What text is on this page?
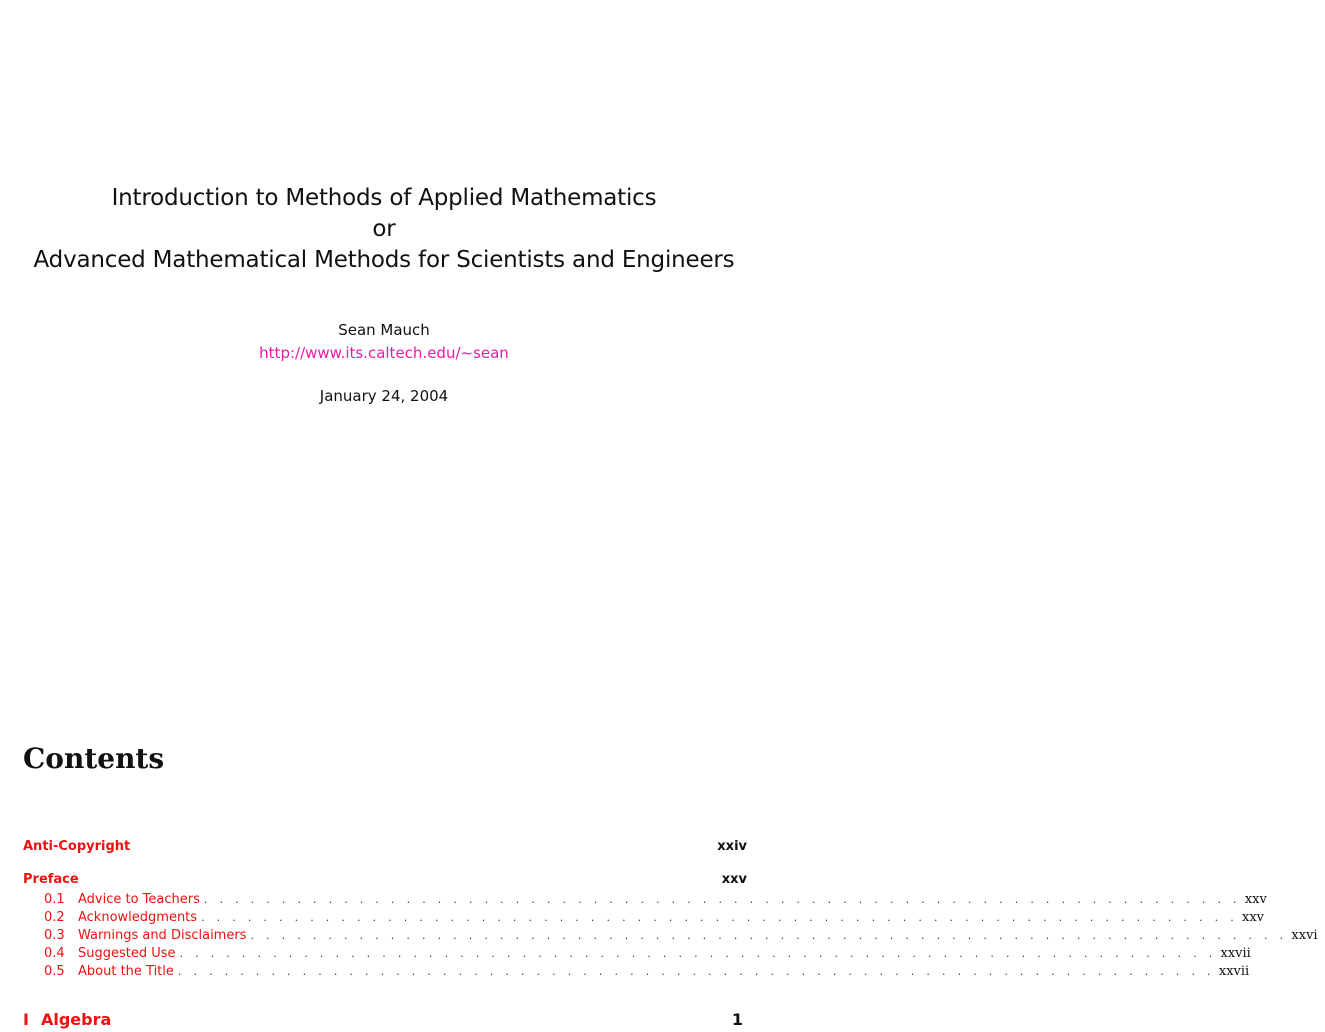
Introduction to Methods of Applied Mathematics
or
Advanced Mathematical Methods for Scientists and Engineers
Sean Mauch
http://www.its.caltech.edu/~sean
January 24, 2004
Contents
Anti-Copyright	xxiv
Preface	xxv
0.1	Advice to Teachers . . . . . . . . . . . . . . . . . . . . . . . . . . . . . . . . . . . . . . . . . . . . . . . . . . . . . . . . . . . . . . . . . . . xxv
0.2	Acknowledgments . . . . . . . . . . . . . . . . . . . . . . . . . . . . . . . . . . . . . . . . . . . . . . . . . . . . . . . . . . . . . . . . . . . xxv
0.3	Warnings and Disclaimers . . . . . . . . . . . . . . . . . . . . . . . . . . . . . . . . . . . . . . . . . . . . . . . . . . . . . . . . . . . . . . . . . . . xxvi
0.4	Suggested Use . . . . . . . . . . . . . . . . . . . . . . . . . . . . . . . . . . . . . . . . . . . . . . . . . . . . . . . . . . . . . . . . . . . xxvii
0.5	About the Title . . . . . . . . . . . . . . . . . . . . . . . . . . . . . . . . . . . . . . . . . . . . . . . . . . . . . . . . . . . . . . . . . . . xxvii
I Algebra	1
